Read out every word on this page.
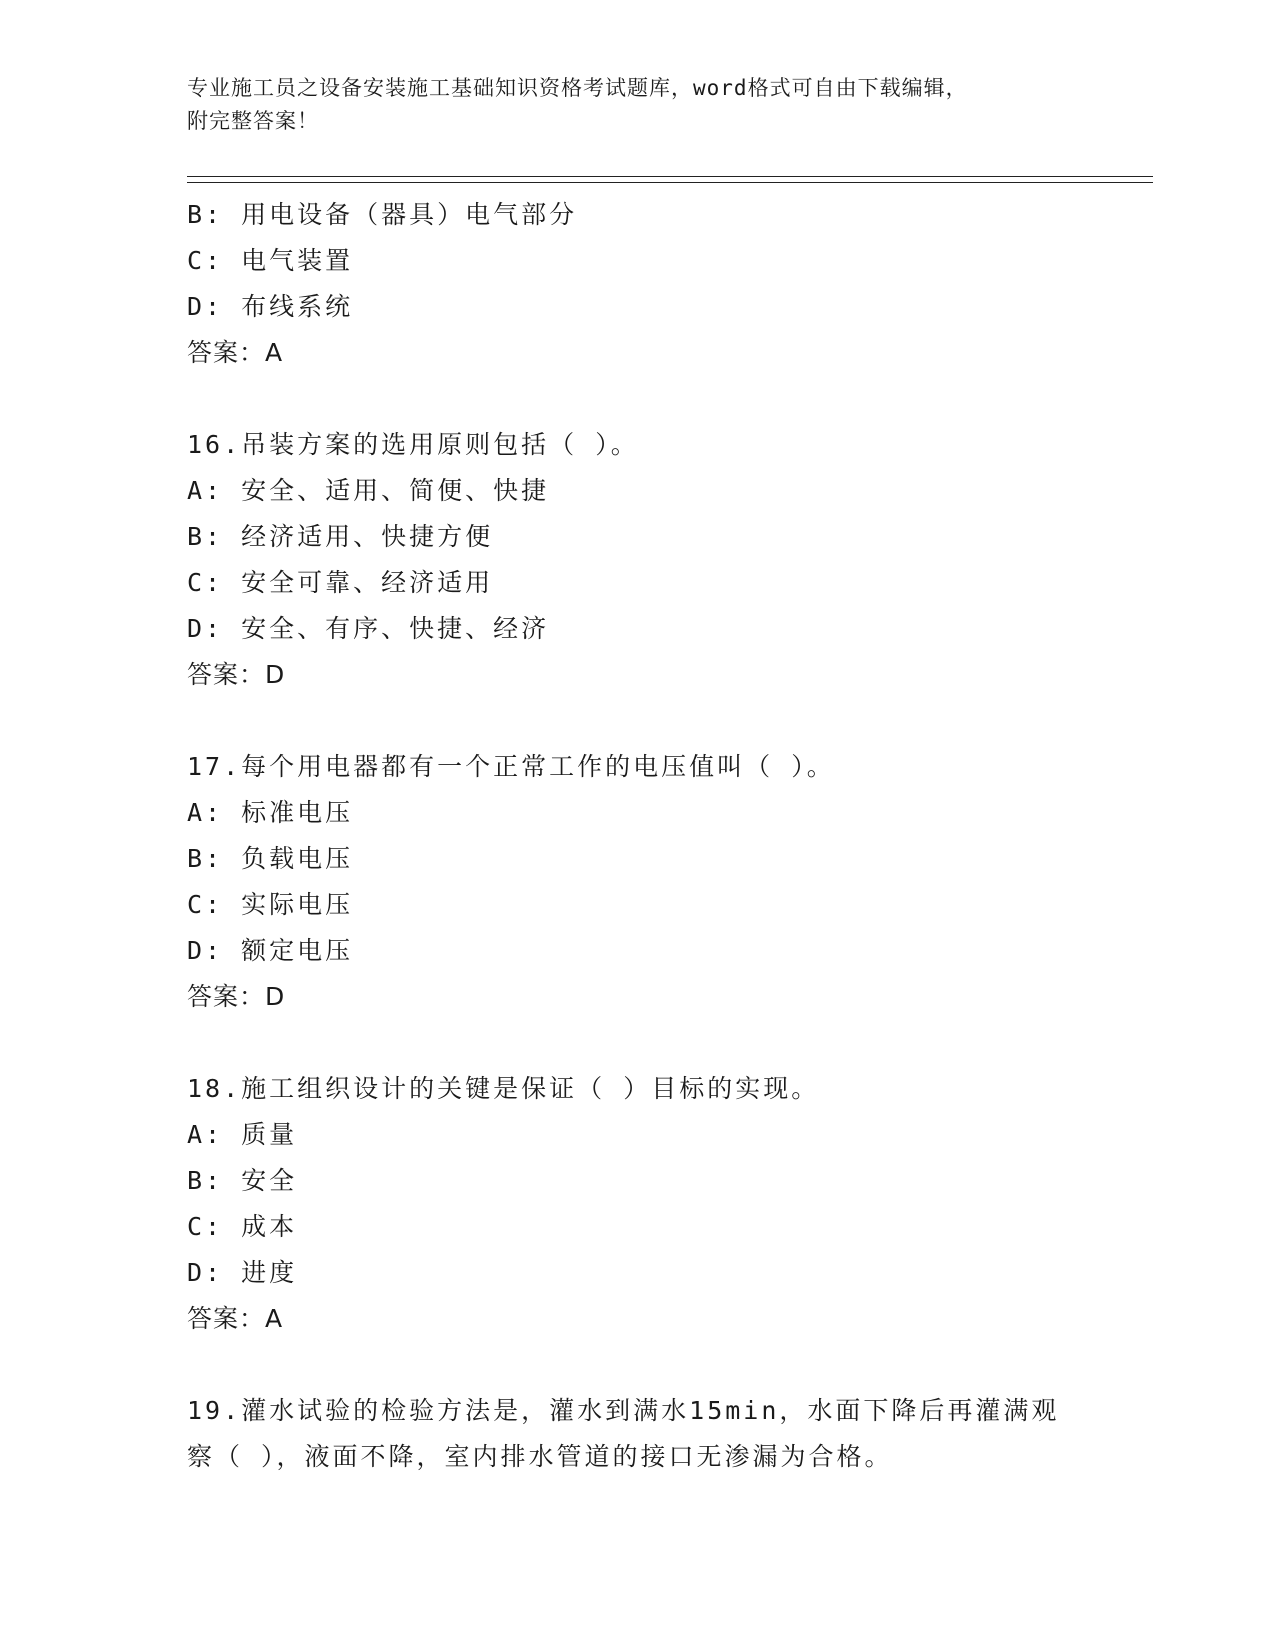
专业施工员之设备安装施工基础知识资格考试题库，word格式可自由下载编辑，
附完整答案！
B: 用电设备（器具）电气部分
C: 电气装置
D: 布线系统
答案：A
16.吊装方案的选用原则包括（ ）。
A: 安全、适用、简便、快捷
B: 经济适用、快捷方便
C: 安全可靠、经济适用
D: 安全、有序、快捷、经济
答案：D
17.每个用电器都有一个正常工作的电压值叫（ ）。
A: 标准电压
B: 负载电压
C: 实际电压
D: 额定电压
答案：D
18.施工组织设计的关键是保证（ ）目标的实现。
A: 质量
B: 安全
C: 成本
D: 进度
答案：A
19.灌水试验的检验方法是，灌水到满水15min，水面下降后再灌满观
察（ ），液面不降，室内排水管道的接口无渗漏为合格。
